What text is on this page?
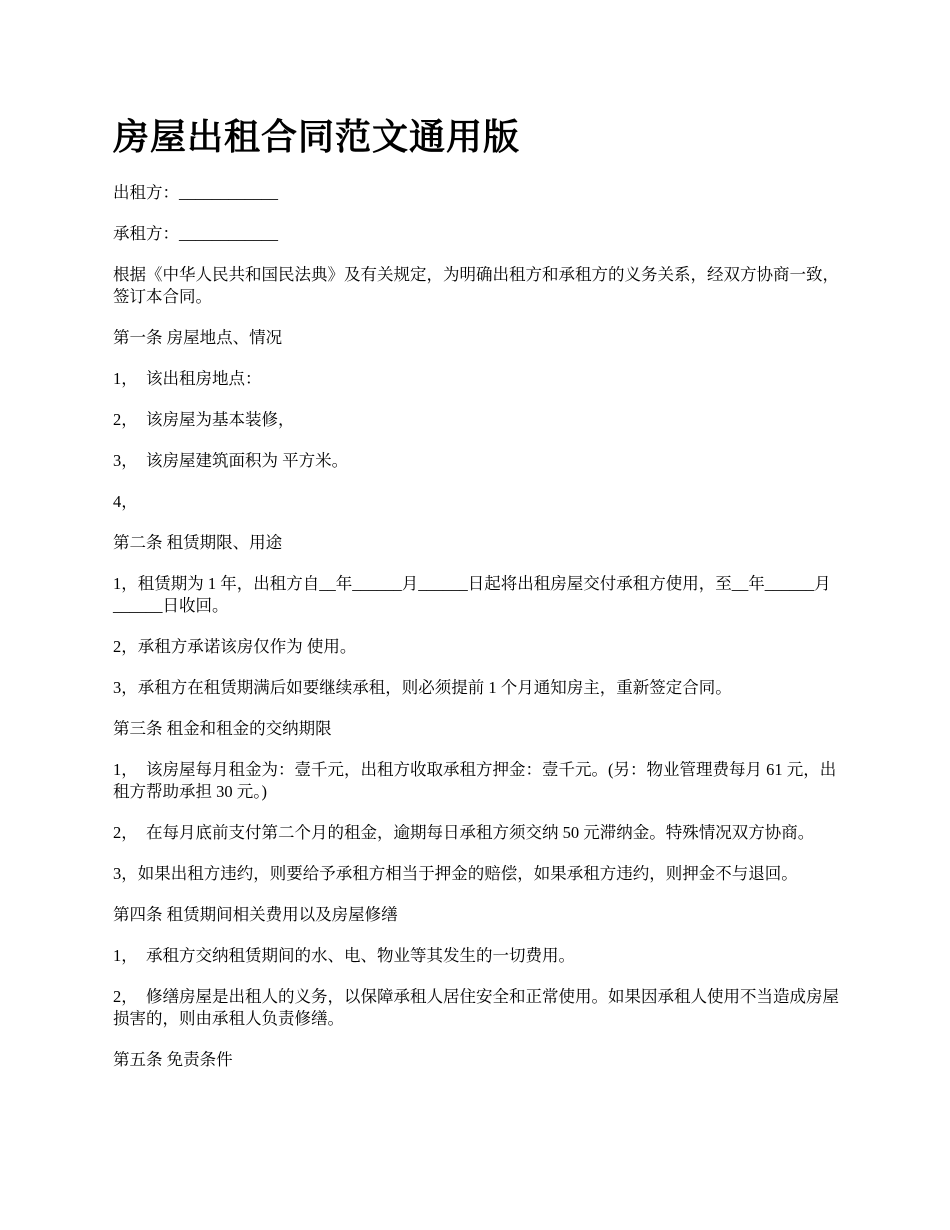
房屋出租合同范文通用版

出租方：____________

承租方：____________

根据《中华人民共和国民法典》及有关规定，为明确出租方和承租方的义务关系，经双方协商一致，签订本合同。

第一条 房屋地点、情况

1，  该出租房地点：

2，  该房屋为基本装修，

3，  该房屋建筑面积为 平方米。

4，

第二条 租赁期限、用途

1，租赁期为 1 年，出租方自__年______月______日起将出租房屋交付承租方使用，至__年______月______日收回。

2，承租方承诺该房仅作为 使用。

3，承租方在租赁期满后如要继续承租，则必须提前 1 个月通知房主，重新签定合同。

第三条 租金和租金的交纳期限

1，  该房屋每月租金为：壹千元，出租方收取承租方押金：壹千元。(另：物业管理费每月 61 元，出租方帮助承担 30 元。)

2，  在每月底前支付第二个月的租金，逾期每日承租方须交纳 50 元滞纳金。特殊情况双方协商。

3，如果出租方违约，则要给予承租方相当于押金的赔偿，如果承租方违约，则押金不与退回。

第四条 租赁期间相关费用以及房屋修缮

1，  承租方交纳租赁期间的水、电、物业等其发生的一切费用。

2，  修缮房屋是出租人的义务，以保障承租人居住安全和正常使用。如果因承租人使用不当造成房屋损害的，则由承租人负责修缮。

第五条 免责条件
